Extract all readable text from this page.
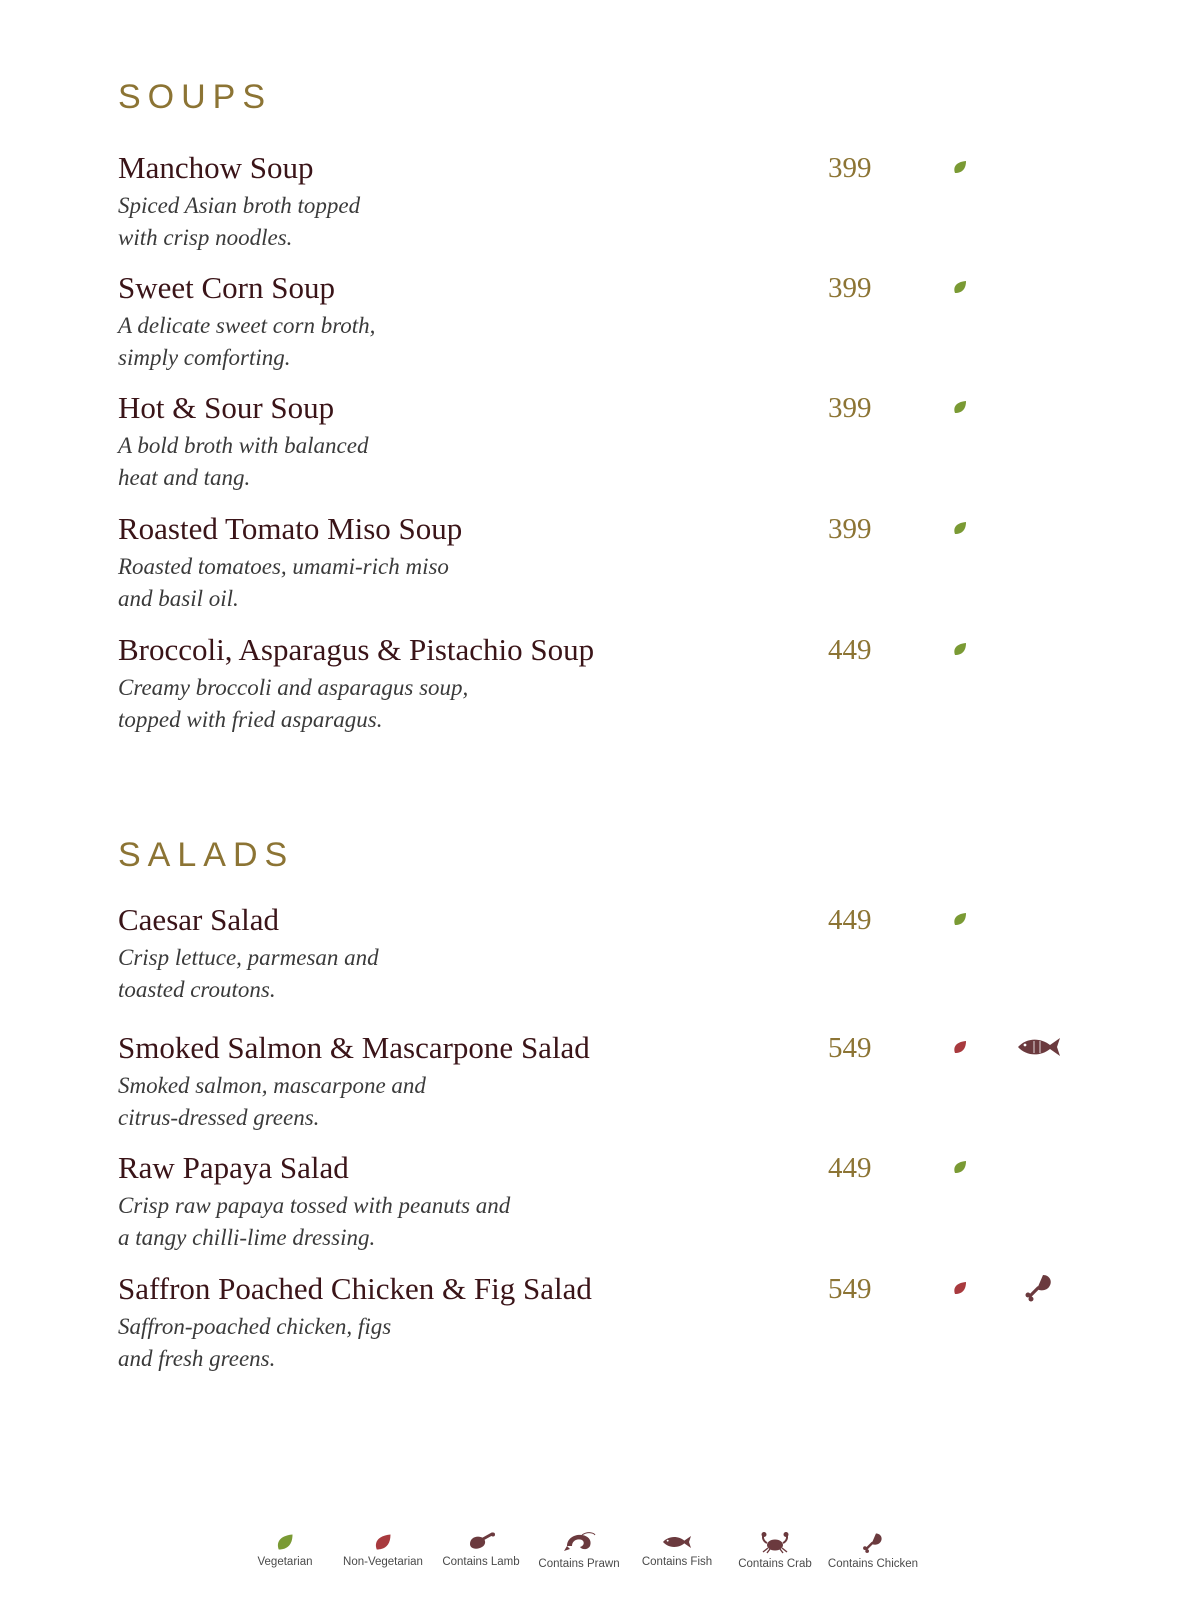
SOUPS
Manchow Soup
Spiced Asian broth topped
with crisp noodles.
399
Sweet Corn Soup
A delicate sweet corn broth,
simply comforting.
399
Hot & Sour Soup
A bold broth with balanced
heat and tang.
399
Roasted Tomato Miso Soup
Roasted tomatoes, umami-rich miso
and basil oil.
399
Broccoli, Asparagus & Pistachio Soup
Creamy broccoli and asparagus soup,
topped with fried asparagus.
449
SALADS
Caesar Salad
Crisp lettuce, parmesan and
toasted croutons.
449
Smoked Salmon & Mascarpone Salad
Smoked salmon, mascarpone and
citrus-dressed greens.
549
Raw Papaya Salad
Crisp raw papaya tossed with peanuts and
a tangy chilli-lime dressing.
449
Saffron Poached Chicken & Fig Salad
Saffron-poached chicken, figs
and fresh greens.
549
Vegetarian	Non-Vegetarian	Contains Lamb	Contains Prawn	Contains Fish	Contains Crab	Contains Chicken
